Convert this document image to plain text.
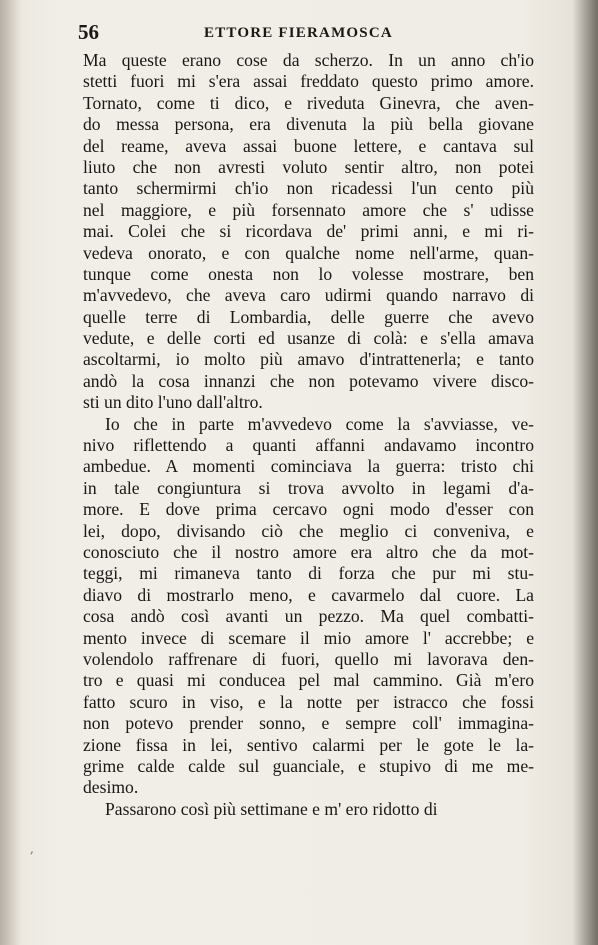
56	ETTORE FIERAMOSCA
Ma queste erano cose da scherzo. In un anno ch'io
stetti fuori mi s'era assai freddato questo primo amore.
Tornato, come ti dico, e riveduta Ginevra, che aven-
do messa persona, era divenuta la più bella giovane
del reame, aveva assai buone lettere, e cantava sul
liuto che non avresti voluto sentir altro, non potei
tanto schermirmi ch'io non ricadessi l'un cento più
nel maggiore, e più forsennato amore che s' udisse
mai. Colei che si ricordava de' primi anni, e mi ri-
vedeva onorato, e con qualche nome nell'arme, quan-
tunque come onesta non lo volesse mostrare, ben
m'avvedevo, che aveva caro udirmi quando narravo di
quelle terre di Lombardia, delle guerre che avevo
vedute, e delle corti ed usanze di colà: e s'ella amava
ascoltarmi, io molto più amavo d'intrattenerla; e tanto
andò la cosa innanzi che non potevamo vivere disco-
sti un dito l'uno dall'altro.
Io che in parte m'avvedevo come la s'avviasse, ve-
nivo riflettendo a quanti affanni andavamo incontro
ambedue. A momenti cominciava la guerra: tristo chi
in tale congiuntura si trova avvolto in legami d'a-
more. E dove prima cercavo ogni modo d'esser con
lei, dopo, divisando ciò che meglio ci conveniva, e
conosciuto che il nostro amore era altro che da mot-
teggi, mi rimaneva tanto di forza che pur mi stu-
diavo di mostrarlo meno, e cavarmelo dal cuore. La
cosa andò così avanti un pezzo. Ma quel combatti-
mento invece di scemare il mio amore l' accrebbe; e
volendolo raffrenare di fuori, quello mi lavorava den-
tro e quasi mi conducea pel mal cammino. Già m'ero
fatto scuro in viso, e la notte per istracco che fossi
non potevo prender sonno, e sempre coll' immagina-
zione fissa in lei, sentivo calarmi per le gote le la-
grime calde calde sul guanciale, e stupivo di me me-
desimo.
Passarono così più settimane e m' ero ridotto di
,
